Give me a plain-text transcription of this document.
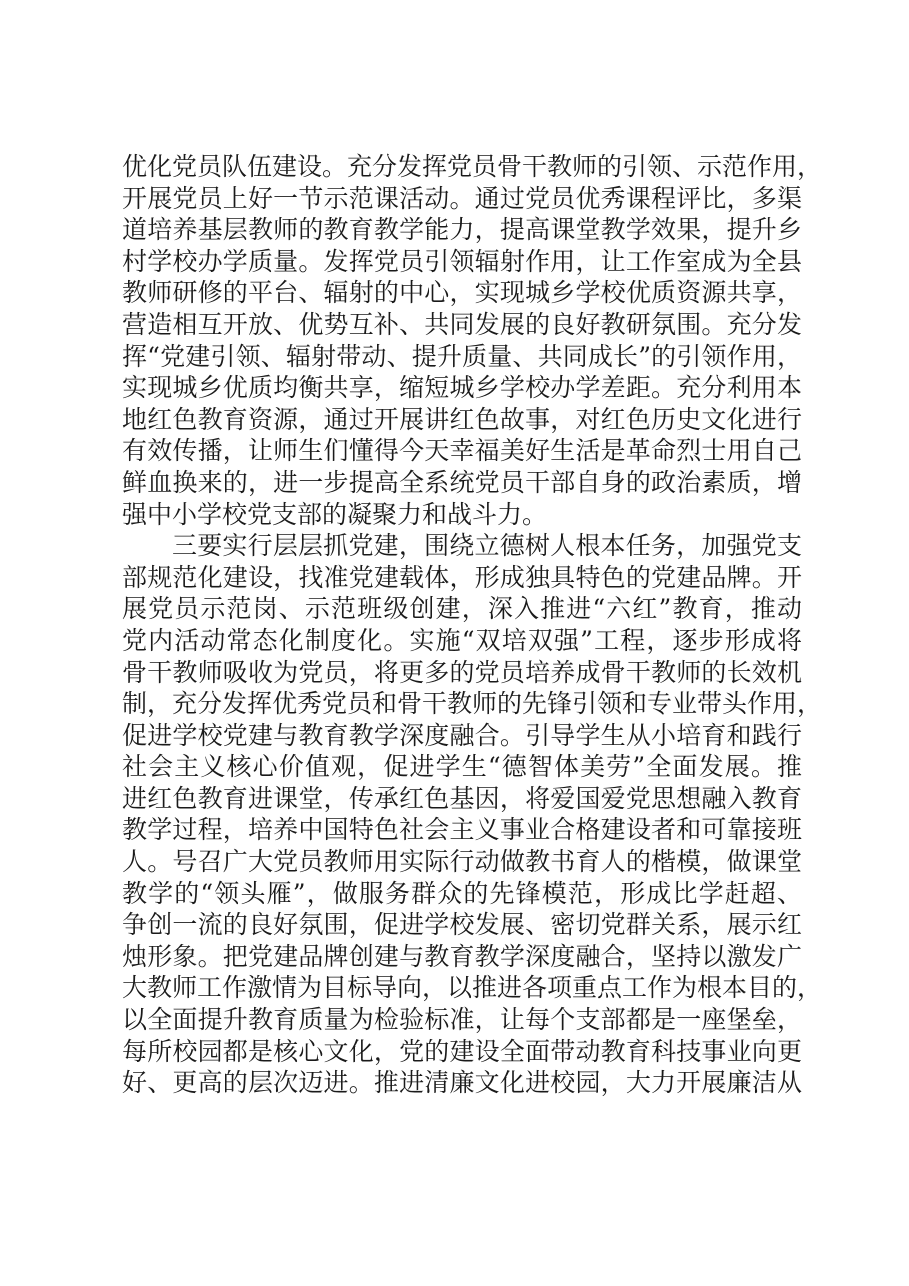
优化党员队伍建设。充分发挥党员骨干教师的引领、示范作用，
开展党员上好一节示范课活动。通过党员优秀课程评比，多渠
道培养基层教师的教育教学能力，提高课堂教学效果，提升乡
村学校办学质量。发挥党员引领辐射作用，让工作室成为全县
教师研修的平台、辐射的中心，实现城乡学校优质资源共享，
营造相互开放、优势互补、共同发展的良好教研氛围。充分发
挥“党建引领、辐射带动、提升质量、共同成长”的引领作用，
实现城乡优质均衡共享，缩短城乡学校办学差距。充分利用本
地红色教育资源，通过开展讲红色故事，对红色历史文化进行
有效传播，让师生们懂得今天幸福美好生活是革命烈士用自己
鲜血换来的，进一步提高全系统党员干部自身的政治素质，增
强中小学校党支部的凝聚力和战斗力。
三要实行层层抓党建，围绕立德树人根本任务，加强党支
部规范化建设，找准党建载体，形成独具特色的党建品牌。开
展党员示范岗、示范班级创建，深入推进“六红”教育，推动
党内活动常态化制度化。实施“双培双强”工程，逐步形成将
骨干教师吸收为党员，将更多的党员培养成骨干教师的长效机
制，充分发挥优秀党员和骨干教师的先锋引领和专业带头作用，
促进学校党建与教育教学深度融合。引导学生从小培育和践行
社会主义核心价值观，促进学生“德智体美劳”全面发展。推
进红色教育进课堂，传承红色基因，将爱国爱党思想融入教育
教学过程，培养中国特色社会主义事业合格建设者和可靠接班
人。号召广大党员教师用实际行动做教书育人的楷模，做课堂
教学的“领头雁”，做服务群众的先锋模范，形成比学赶超、
争创一流的良好氛围，促进学校发展、密切党群关系，展示红
烛形象。把党建品牌创建与教育教学深度融合，坚持以激发广
大教师工作激情为目标导向，以推进各项重点工作为根本目的，
以全面提升教育质量为检验标准，让每个支部都是一座堡垒，
每所校园都是核心文化，党的建设全面带动教育科技事业向更
好、更高的层次迈进。推进清廉文化进校园，大力开展廉洁从
